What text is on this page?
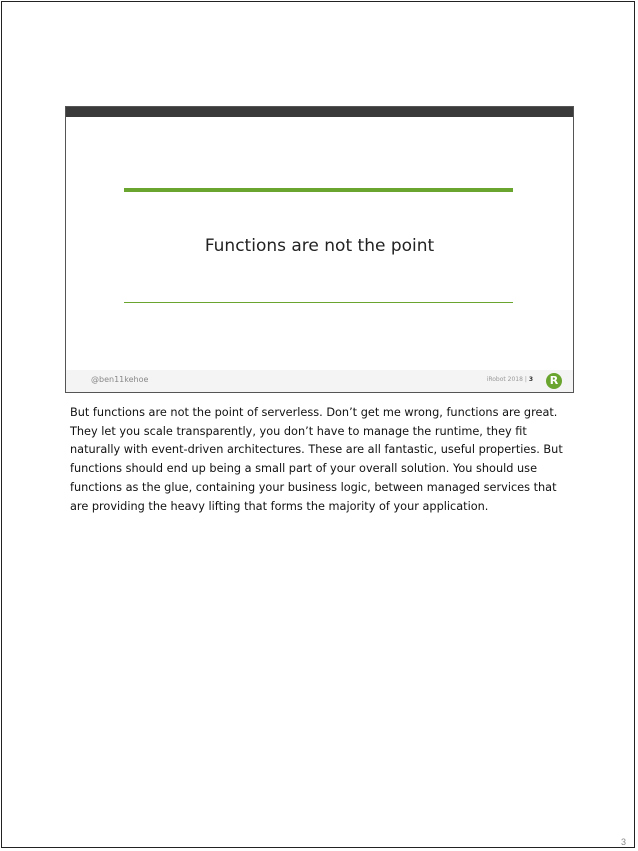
Functions are not the point
@ben11kehoe	iRobot 2018 | 3	R
But functions are not the point of serverless. Don’t get me wrong, functions are great. They let you scale transparently, you don’t have to manage the runtime, they fit naturally with event-driven architectures. These are all fantastic, useful properties. But functions should end up being a small part of your overall solution. You should use functions as the glue, containing your business logic, between managed services that are providing the heavy lifting that forms the majority of your application.
3
